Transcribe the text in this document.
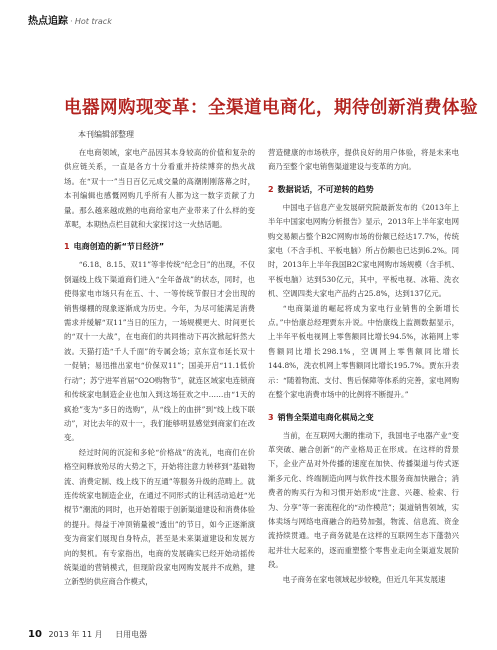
热点追踪 · Hot track
电器网购现变革：全渠道电商化，期待创新消费体验
本刊编辑部整理

在电商领域，家电产品因其本身较高的价值和复杂的供应链关系，一直是各方十分看重并持续博弈的热火战场。在“双十一”当日百亿元成交量的高潮刚刚落幕之时，本刊编辑也感慨网购几乎所有人都为这一数字贡献了力量。那么越来越成熟的电商给家电产业带来了什么样的变革呢，本期热点栏目就和大家探讨这一火热话题。

1 电商创造的新“节日经济”

“6.18、8.15、双11”等非传统“纪念日”的出现，不仅倒逼线上线下渠道商们进入“全年备战”的状态，同时，也使得家电市场只有在五、十、一等传统节假日才会出现的销售爆棚的现象逐渐成为历史。今年，为尽可能满足消费需求并缓解“双11”当日的压力，一场规模更大、时间更长的“双十一大战”，在电商们的共同推动下再次掀起轩然大波。天猫打造“千人千面”的专属会场；京东宣布延长双十一促销；易迅推出家电“价保双11”；国美开启“11.1低价行动”；苏宁进军首届“O2O购物节”，就连区域家电连锁商和传统家电制造企业也加入到这场狂欢之中……由“1天的疯抢”变为“多日的选购”，从“线上的血拼”到“线上线下联动”，对比去年的双十一，我们能够明显感觉到商家们在改变。

经过时间的沉淀和多轮“价格战”的洗礼，电商们在价格空间释放殆尽的大势之下，开始将注意力转移到“基础物流、消费定制、线上线下的互通”等服务升级的范畴上。就连传统家电制造企业，在通过不同形式的让利活动追赶“光棍节”潮流的同时，也开始着眼于创新渠道建设和消费体验的提升。得益于冲顶销量被“透出”的节日，如今正逐渐演变为商家们展现自身特点，甚至是未来渠道建设和发展方向的契机。有专家指出，电商的发展确实已经开始动摇传统渠道的营销模式，但现阶段家电网购发展并不成熟，建立新型的供应商合作模式，

营造健康的市场秩序，提供良好的用户体验，将是未来电商乃至整个家电销售渠道建设与变革的方向。

2 数据说话，不可逆转的趋势

中国电子信息产业发展研究院最新发布的《2013年上半年中国家电网购分析报告》显示，2013年上半年家电网购交易额占整个B2C网购市场的份额已经达17.7%，传统家电（不含手机、平板电脑）所占份额也已达到6.2%。同时，2013年上半年我国B2C家电网购市场规模（含手机、平板电脑）达到530亿元，其中，平板电视、冰箱、洗衣机、空调四类大家电产品约占25.8%，达到137亿元。

“电商渠道的崛起将成为家电行业销售的全新增长点。”中怡康总经理贾东升说。中怡康线上监测数据显示，上半年平板电视网上零售额同比增长94.5%，冰箱网上零售额同比增长298.1%，空调网上零售额同比增长144.8%，洗衣机网上零售额同比增长195.7%。贾东升表示：“随着物流、支付、售后保障等体系的完善，家电网购在整个家电消费市场中的比例将不断提升。”

3 销售全渠道电商化棋局之变

当前，在互联网大潮的推动下，我国电子电器产业“变革突破、融合创新”的产业格局正在形成。在这样的背景下，企业产品对外传播的速度在加快、传播渠道与传式逐渐多元化、终端制造向网与软件技术服务商加快融合；消费者的购买行为和习惯开始形成“注意、兴趣、检索、行为、分享”等一套流程化的“动作模范”；渠道销售领域，实体卖场与网络电商融合的趋势加强，物流、信息流、资金流持续贯通。电子商务就是在这样的互联网生态下蓬勃兴起并壮大起来的，逐而重塑整个零售业走向全渠道发展阶段。

电子商务在家电领域起步较晚，但近几年其发展速

10 2013 年 11 月 日用电器
